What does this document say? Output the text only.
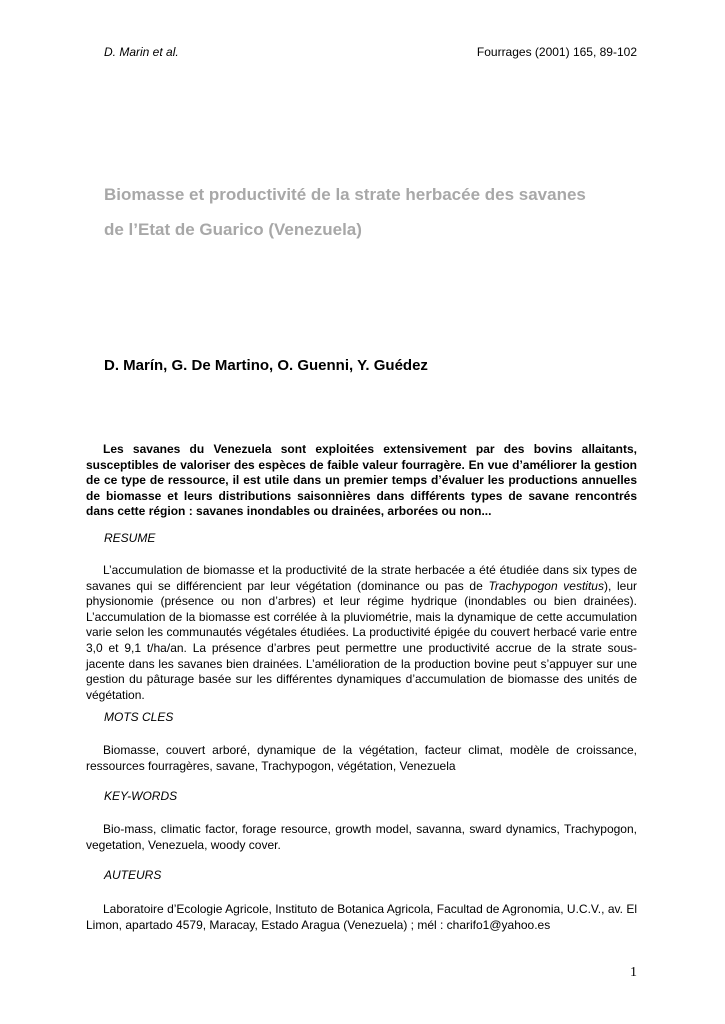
D. Marin et al.	Fourrages (2001) 165, 89-102
Biomasse et productivité de la strate herbacée des savanes
de l’Etat de Guarico (Venezuela)
D. Marín, G. De Martino, O. Guenni, Y. Guédez

Les savanes du Venezuela sont exploitées extensivement par des bovins allaitants, susceptibles de valoriser des espèces de faible valeur fourragère. En vue d’améliorer la gestion de ce type de ressource, il est utile dans un premier temps d’évaluer les productions annuelles de biomasse et leurs distributions saisonnières dans différents types de savane rencontrés dans cette région : savanes inondables ou drainées, arborées ou non...

RESUME

L’accumulation de biomasse et la productivité de la strate herbacée a été étudiée dans six types de savanes qui se différencient par leur végétation (dominance ou pas de Trachypogon vestitus), leur physionomie (présence ou non d’arbres) et leur régime hydrique (inondables ou bien drainées). L’accumulation de la biomasse est corrélée à la pluviométrie, mais la dynamique de cette accumulation varie selon les communautés végétales étudiées. La productivité épigée du couvert herbacé varie entre 3,0 et 9,1 t/ha/an. La présence d’arbres peut permettre une productivité accrue de la strate sous-jacente dans les savanes bien drainées. L’amélioration de la production bovine peut s’appuyer sur une gestion du pâturage basée sur les différentes dynamiques d’accumulation de biomasse des unités de végétation.

MOTS CLES

Biomasse, couvert arboré, dynamique de la végétation, facteur climat, modèle de croissance, ressources fourragères, savane, Trachypogon, végétation, Venezuela

KEY-WORDS

Bio-mass, climatic factor, forage resource, growth model, savanna, sward dynamics, Trachypogon, vegetation, Venezuela, woody cover.

AUTEURS

Laboratoire d’Ecologie Agricole, Instituto de Botanica Agricola, Facultad de Agronomia, U.C.V., av. El Limon, apartado 4579, Maracay, Estado Aragua (Venezuela) ; mél : charifo1@yahoo.es

1
